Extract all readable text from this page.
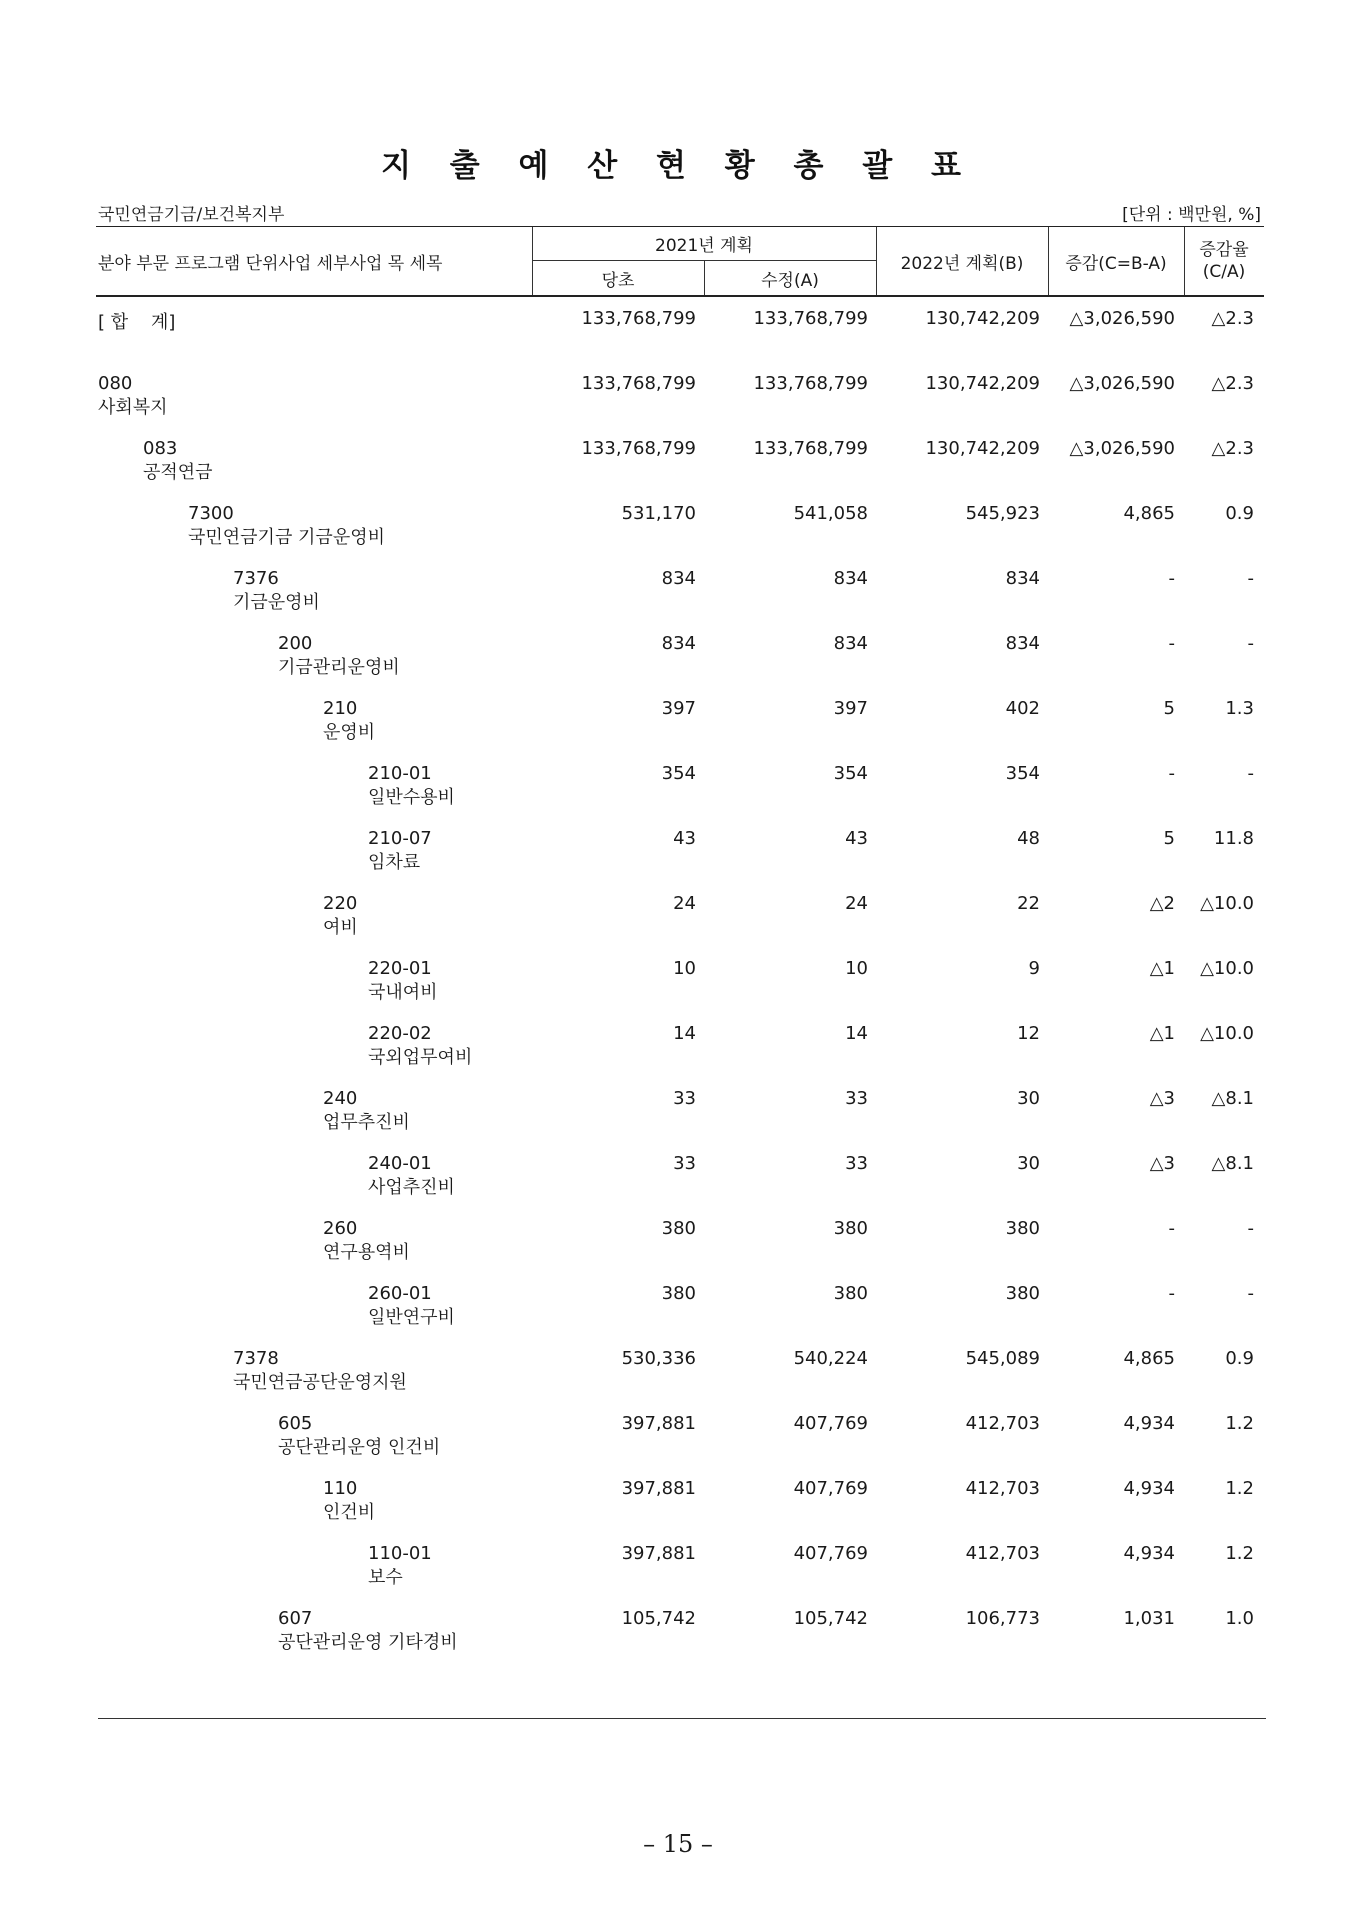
지 출 예 산 현 황 총 괄 표
국민연금기금/보건복지부	[단위 : 백만원, %]
분야 부문 프로그램 단위사업 세부사업 목 세목
2021년 계획
당초	수정(A)
2022년 계획(B)	증감(C=B-A)
증감율
(C/A)
[ 합    계]	133,768,799	133,768,799	130,742,209 △3,026,590 △2.3
080
사회복지
133,768,799	133,768,799	130,742,209 △3,026,590 △2.3
083
공적연금
133,768,799	133,768,799	130,742,209 △3,026,590 △2.3
7300
국민연금기금 기금운영비
531,170	541,058	545,923	4,865	0.9
7376
기금운영비
834	834	834	-	-
200
기금관리운영비
834	834	834	-	-
210
운영비
397	397	402	5	1.3
210-01
일반수용비
354	354	354	-	-
210-07
임차료
43	43	48	5 11.8
220
여비
24	24	22	△2 △10.0
220-01
국내여비
10	10	9	△1 △10.0
220-02
국외업무여비
14	14	12	△1 △10.0
240
업무추진비
33	33	30	△3 △8.1
240-01
사업추진비
33	33	30	△3 △8.1
260
연구용역비
380	380	380	-	-
260-01
일반연구비
380	380	380	-	-
7378
국민연금공단운영지원
530,336	540,224	545,089	4,865	0.9
605
공단관리운영 인건비
397,881	407,769	412,703	4,934	1.2
110
인건비
397,881	407,769	412,703	4,934	1.2
110-01
보수
397,881	407,769	412,703	4,934	1.2
607
공단관리운영 기타경비
105,742	105,742	106,773	1,031	1.0
– 15 –
